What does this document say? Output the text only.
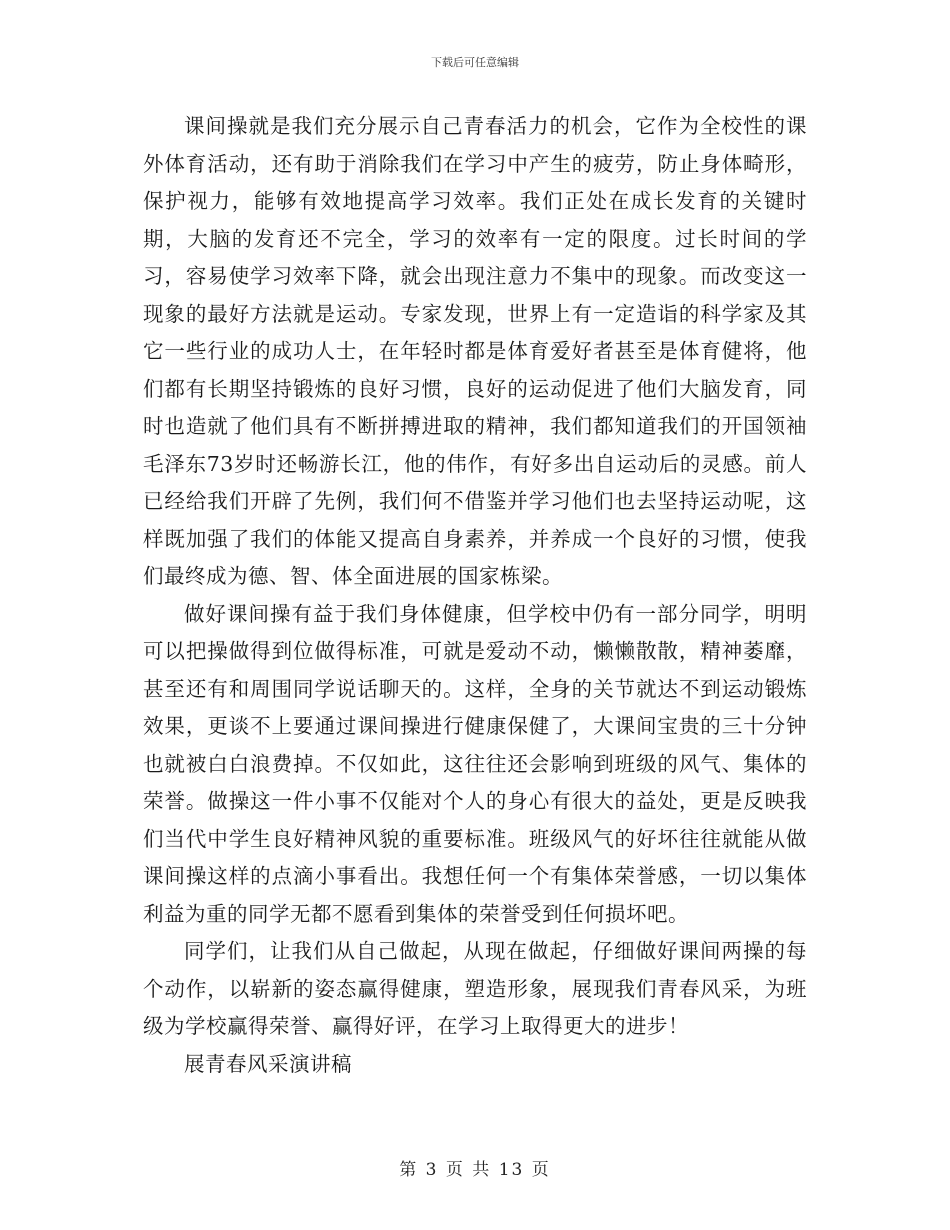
下载后可任意编辑

课间操就是我们充分展示自己青春活力的机会，它作为全校性的课外体育活动，还有助于消除我们在学习中产生的疲劳，防止身体畸形，保护视力，能够有效地提高学习效率。我们正处在成长发育的关键时期，大脑的发育还不完全，学习的效率有一定的限度。过长时间的学习，容易使学习效率下降，就会出现注意力不集中的现象。而改变这一现象的最好方法就是运动。专家发现，世界上有一定造诣的科学家及其它一些行业的成功人士，在年轻时都是体育爱好者甚至是体育健将，他们都有长期坚持锻炼的良好习惯，良好的运动促进了他们大脑发育，同时也造就了他们具有不断拼搏进取的精神，我们都知道我们的开国领袖毛泽东73岁时还畅游长江，他的伟作，有好多出自运动后的灵感。前人已经给我们开辟了先例，我们何不借鉴并学习他们也去坚持运动呢，这样既加强了我们的体能又提高自身素养，并养成一个良好的习惯，使我们最终成为德、智、体全面进展的国家栋梁。

做好课间操有益于我们身体健康，但学校中仍有一部分同学，明明可以把操做得到位做得标准，可就是爱动不动，懒懒散散，精神萎靡，甚至还有和周围同学说话聊天的。这样，全身的关节就达不到运动锻炼效果，更谈不上要通过课间操进行健康保健了，大课间宝贵的三十分钟也就被白白浪费掉。不仅如此，这往往还会影响到班级的风气、集体的荣誉。做操这一件小事不仅能对个人的身心有很大的益处，更是反映我们当代中学生良好精神风貌的重要标准。班级风气的好坏往往就能从做课间操这样的点滴小事看出。我想任何一个有集体荣誉感，一切以集体利益为重的同学无都不愿看到集体的荣誉受到任何损坏吧。

同学们，让我们从自己做起，从现在做起，仔细做好课间两操的每个动作，以崭新的姿态赢得健康，塑造形象，展现我们青春风采，为班级为学校赢得荣誉、赢得好评，在学习上取得更大的进步！

展青春风采演讲稿

第 3 页 共 13 页
